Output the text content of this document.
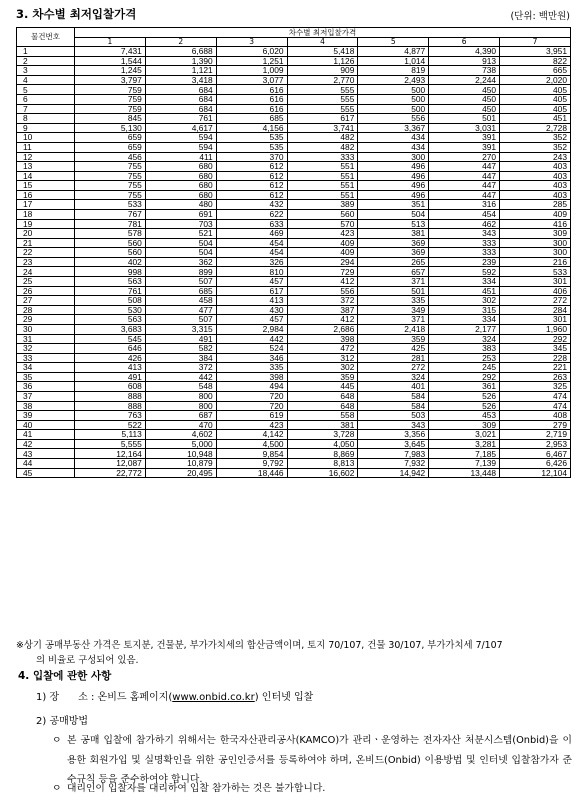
3. 차수별 최저입찰가격	(단위: 백만원)
물건번호	차수별 최저입찰가격						
	1	2	3	4	5	6	7
1	7,431	6,688	6,020	5,418	4,877	4,390	3,951
2	1,544	1,390	1,251	1,126	1,014	913	822
3	1,245	1,121	1,009	909	819	738	665
4	3,797	3,418	3,077	2,770	2,493	2,244	2,020
5	759	684	616	555	500	450	405
6	759	684	616	555	500	450	405
7	759	684	616	555	500	450	405
8	845	761	685	617	556	501	451
9	5,130	4,617	4,156	3,741	3,367	3,031	2,728
10	659	594	535	482	434	391	352
11	659	594	535	482	434	391	352
12	456	411	370	333	300	270	243
13	755	680	612	551	496	447	403
14	755	680	612	551	496	447	403
15	755	680	612	551	496	447	403
16	755	680	612	551	496	447	403
17	533	480	432	389	351	316	285
18	767	691	622	560	504	454	409
19	781	703	633	570	513	462	416
20	578	521	469	423	381	343	309
21	560	504	454	409	369	333	300
22	560	504	454	409	369	333	300
23	402	362	326	294	265	239	216
24	998	899	810	729	657	592	533
25	563	507	457	412	371	334	301
26	761	685	617	556	501	451	406
27	508	458	413	372	335	302	272
28	530	477	430	387	349	315	284
29	563	507	457	412	371	334	301
30	3,683	3,315	2,984	2,686	2,418	2,177	1,960
31	545	491	442	398	359	324	292
32	646	582	524	472	425	383	345
33	426	384	346	312	281	253	228
34	413	372	335	302	272	245	221
35	491	442	398	359	324	292	263
36	608	548	494	445	401	361	325
37	888	800	720	648	584	526	474
38	888	800	720	648	584	526	474
39	763	687	619	558	503	453	408
40	522	470	423	381	343	309	279
41	5,113	4,602	4,142	3,728	3,356	3,021	2,719
42	5,555	5,000	4,500	4,050	3,645	3,281	2,953
43	12,164	10,948	9,854	8,869	7,983	7,185	6,467
44	12,087	10,879	9,792	8,813	7,932	7,139	6,426
45	22,772	20,495	18,446	16,602	14,942	13,448	12,104
※상기 공매부동산 가격은 토지분, 건물분, 부가가치세의 합산금액이며, 토지 70/107, 건물 30/107, 부가가치세 7/107
의 비율로 구성되어 있음.
4. 입찰에 관한 사항
1) 장      소 : 온비드 홈페이지(www.onbid.co.kr) 인터넷 입찰
2) 공매방법
ㅇ 본 공매 입찰에 참가하기 위해서는 한국자산관리공사(KAMCO)가 관리ㆍ운영하는 전자자산 처분시스템(Onbid)을 이용한 회원가입 및 실명확인을 위한 공인인증서를 등록하여야 하며, 온비드(Onbid) 이용방법 및 인터넷 입찰참가자 준수규칙 등을 준수하여야 합니다.
ㅇ 대리인이 입찰자를 대리하여 입찰 참가하는 것은 불가합니다.
